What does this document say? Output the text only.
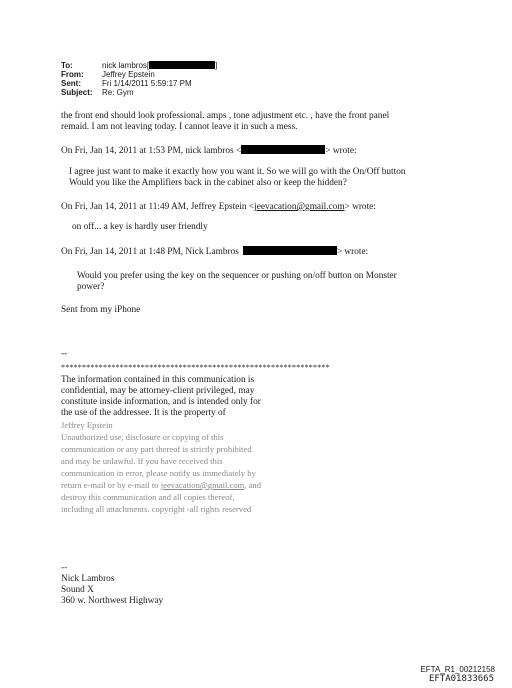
To:	nick lambros[	]
From: Jeffrey Epstein
Sent:	Fri 1/14/2011 5:59:17 PM
Subject: Re: Gym
the front end should look professional. amps , tone adjustment etc. , have the front panel
remaid. I am not leaving today. I cannot leave it in such a mess.
On Fri, Jan 14, 2011 at 1:53 PM, nick lambros <	> wrote:
I agree just want to make it exactly how you want it. So we will go with the On/Off button
Would you like the Amplifiers back in the cabinet also or keep the hidden?
On Fri, Jan 14, 2011 at 11:49 AM, Jeffrey Epstein <jeevacation@gmail.com> wrote:
on off... a key is hardly user friendly
On Fri, Jan 14, 2011 at 1:48 PM, Nick Lambros	> wrote:
Would you prefer using the key on the sequencer or pushing on/off button on Monster
power?
Sent from my iPhone
--
****************************************************************
The information contained in this communication is
confidential, may be attorney-client privileged, may
constitute inside information, and is intended only for
the use of the addressee. It is the property of
Jeffrey Epstein
Unauthorized use, disclosure or copying of this
communication or any part thereof is strictly prohibited
and may be unlawful. If you have received this
communication in error, please notify us immediately by
return e-mail or by e-mail to jeevacation@gmail.com, and
destroy this communication and all copies thereof,
including all attachments. copyright -all rights reserved
--
Nick Lambros
Sound X
360 w. Northwest Highway
EFTA_R1_00212158
EFTA01833665
